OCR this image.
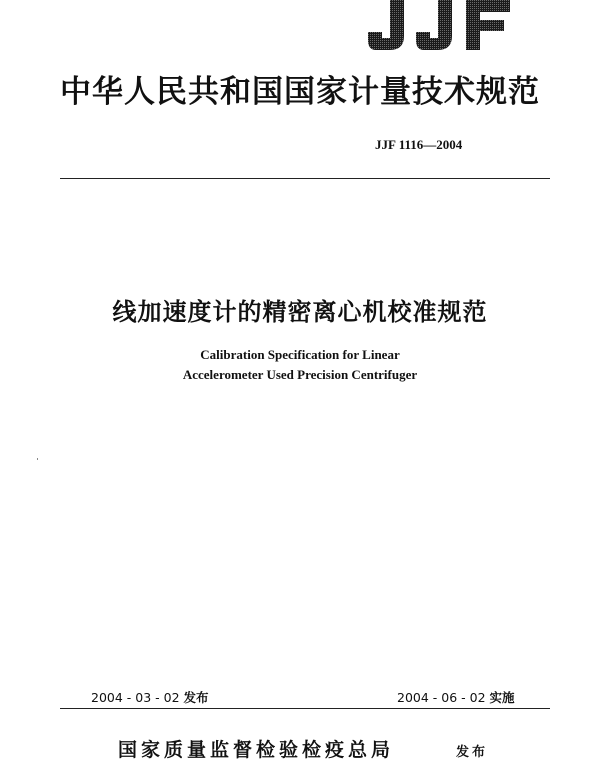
中华人民共和国国家计量技术规范
JJF 1116—2004
线加速度计的精密离心机校准规范
Calibration Specification for Linear
Accelerometer Used Precision Centrifuger
2004 - 03 - 02 发布	2004 - 06 - 02 实施
国家质量监督检验检疫总局	发布
